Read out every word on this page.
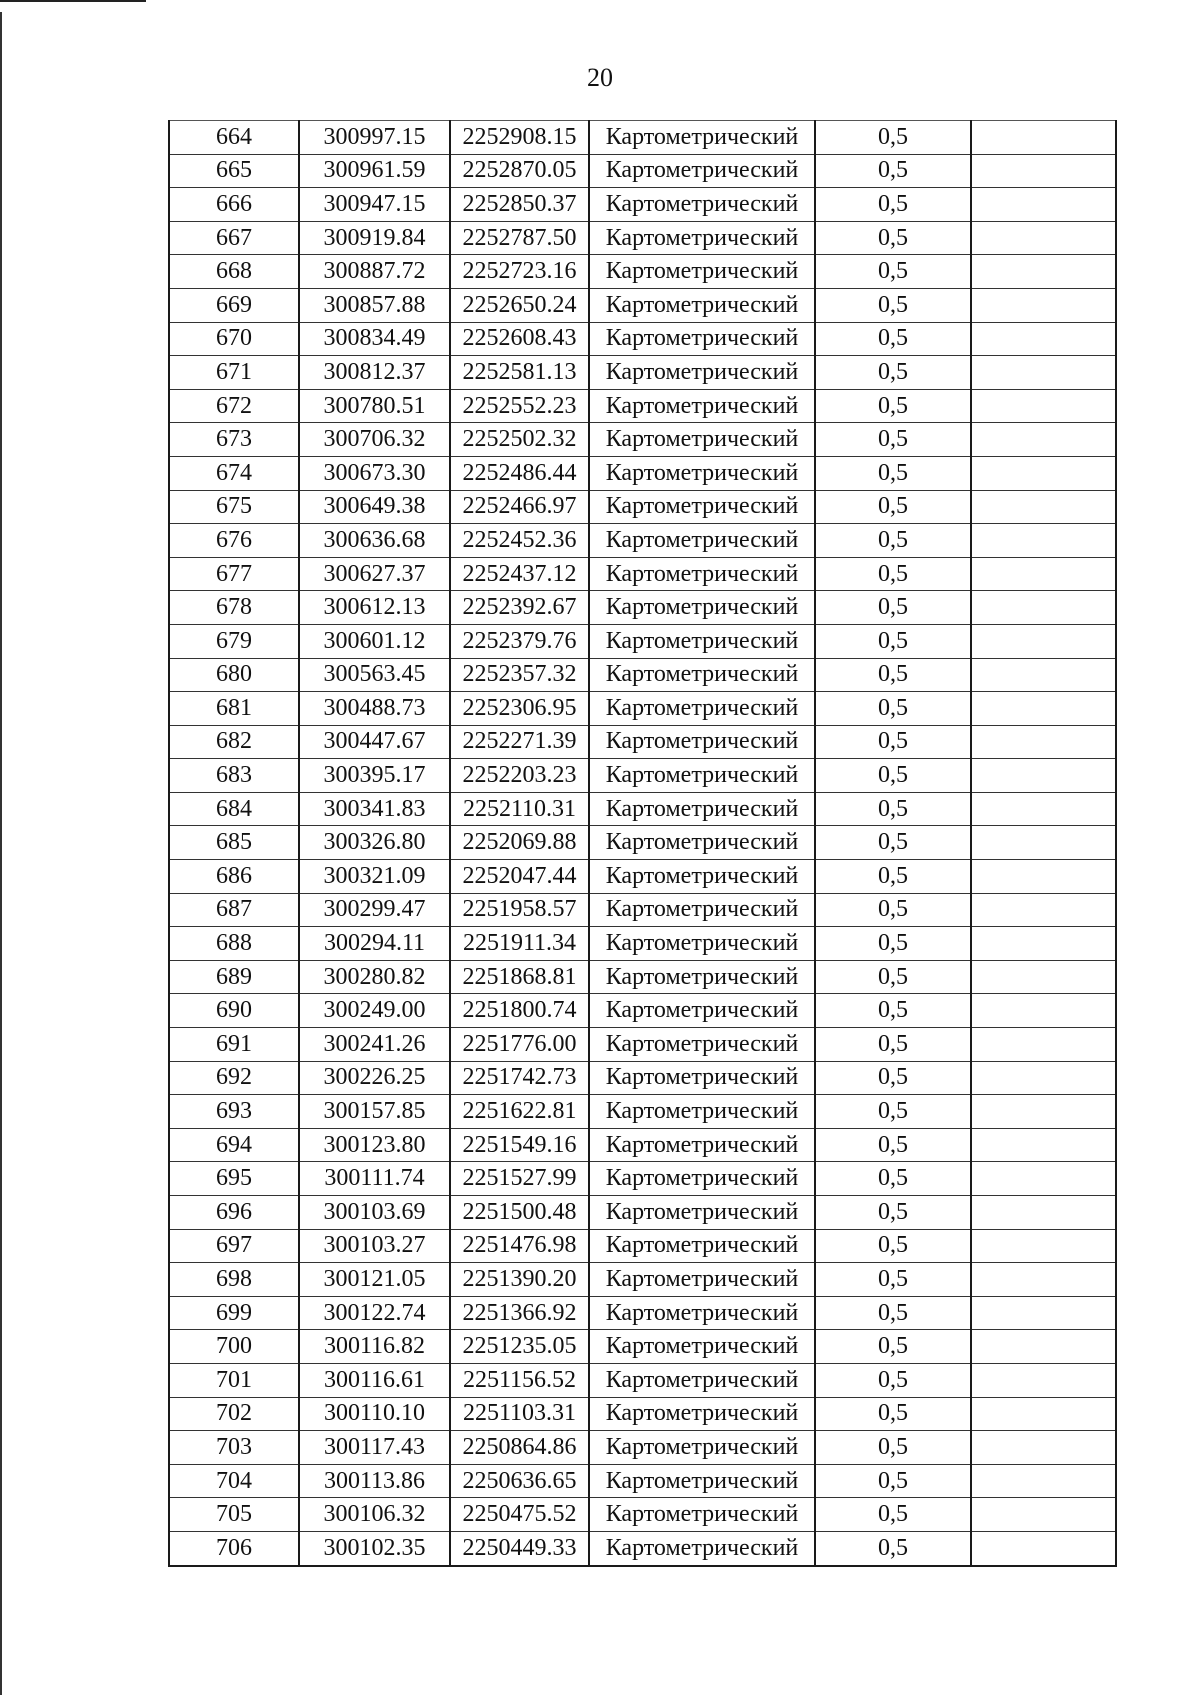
20
664	300997.15	2252908.15	Картометрический	0,5	
665	300961.59	2252870.05	Картометрический	0,5	
666	300947.15	2252850.37	Картометрический	0,5	
667	300919.84	2252787.50	Картометрический	0,5	
668	300887.72	2252723.16	Картометрический	0,5	
669	300857.88	2252650.24	Картометрический	0,5	
670	300834.49	2252608.43	Картометрический	0,5	
671	300812.37	2252581.13	Картометрический	0,5	
672	300780.51	2252552.23	Картометрический	0,5	
673	300706.32	2252502.32	Картометрический	0,5	
674	300673.30	2252486.44	Картометрический	0,5	
675	300649.38	2252466.97	Картометрический	0,5	
676	300636.68	2252452.36	Картометрический	0,5	
677	300627.37	2252437.12	Картометрический	0,5	
678	300612.13	2252392.67	Картометрический	0,5	
679	300601.12	2252379.76	Картометрический	0,5	
680	300563.45	2252357.32	Картометрический	0,5	
681	300488.73	2252306.95	Картометрический	0,5	
682	300447.67	2252271.39	Картометрический	0,5	
683	300395.17	2252203.23	Картометрический	0,5	
684	300341.83	2252110.31	Картометрический	0,5	
685	300326.80	2252069.88	Картометрический	0,5	
686	300321.09	2252047.44	Картометрический	0,5	
687	300299.47	2251958.57	Картометрический	0,5	
688	300294.11	2251911.34	Картометрический	0,5	
689	300280.82	2251868.81	Картометрический	0,5	
690	300249.00	2251800.74	Картометрический	0,5	
691	300241.26	2251776.00	Картометрический	0,5	
692	300226.25	2251742.73	Картометрический	0,5	
693	300157.85	2251622.81	Картометрический	0,5	
694	300123.80	2251549.16	Картометрический	0,5	
695	300111.74	2251527.99	Картометрический	0,5	
696	300103.69	2251500.48	Картометрический	0,5	
697	300103.27	2251476.98	Картометрический	0,5	
698	300121.05	2251390.20	Картометрический	0,5	
699	300122.74	2251366.92	Картометрический	0,5	
700	300116.82	2251235.05	Картометрический	0,5	
701	300116.61	2251156.52	Картометрический	0,5	
702	300110.10	2251103.31	Картометрический	0,5	
703	300117.43	2250864.86	Картометрический	0,5	
704	300113.86	2250636.65	Картометрический	0,5	
705	300106.32	2250475.52	Картометрический	0,5	
706	300102.35	2250449.33	Картометрический	0,5	
